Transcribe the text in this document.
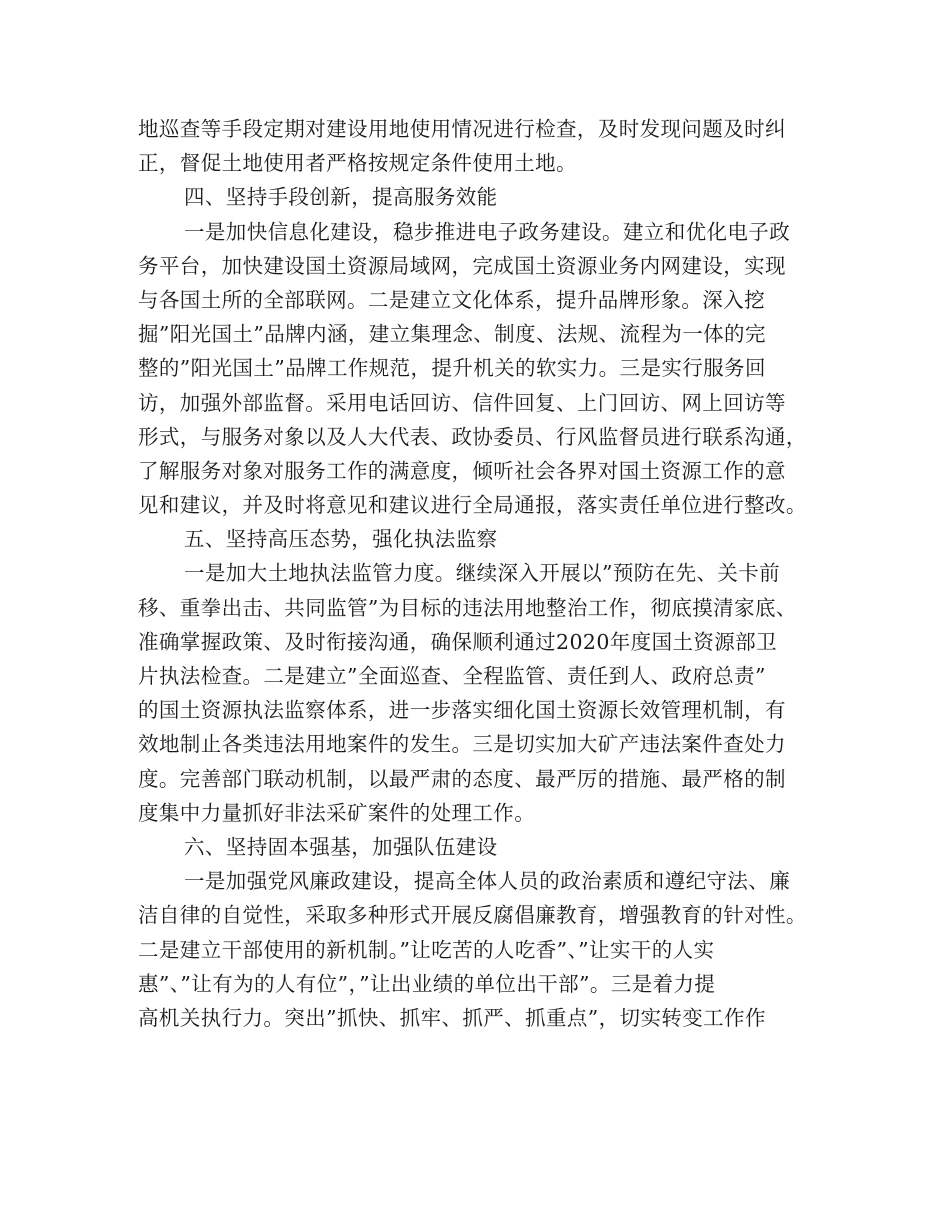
地巡查等手段定期对建设用地使用情况进行检查，及时发现问题及时纠
正，督促土地使用者严格按规定条件使用土地。
四、坚持手段创新，提高服务效能
一是加快信息化建设，稳步推进电子政务建设。建立和优化电子政
务平台，加快建设国土资源局域网，完成国土资源业务内网建设，实现
与各国土所的全部联网。二是建立文化体系，提升品牌形象。深入挖
掘”阳光国土”品牌内涵，建立集理念、制度、法规、流程为一体的完
整的”阳光国土”品牌工作规范，提升机关的软实力。三是实行服务回
访，加强外部监督。采用电话回访、信件回复、上门回访、网上回访等
形式，与服务对象以及人大代表、政协委员、行风监督员进行联系沟通，
了解服务对象对服务工作的满意度，倾听社会各界对国土资源工作的意
见和建议，并及时将意见和建议进行全局通报，落实责任单位进行整改。
五、坚持高压态势，强化执法监察
一是加大土地执法监管力度。继续深入开展以”预防在先、关卡前
移、重拳出击、共同监管”为目标的违法用地整治工作，彻底摸清家底、
准确掌握政策、及时衔接沟通，确保顺利通过2020年度国土资源部卫
片执法检查。二是建立”全面巡查、全程监管、责任到人、政府总责”
的国土资源执法监察体系，进一步落实细化国土资源长效管理机制，有
效地制止各类违法用地案件的发生。三是切实加大矿产违法案件查处力
度。完善部门联动机制，以最严肃的态度、最严厉的措施、最严格的制
度集中力量抓好非法采矿案件的处理工作。
六、坚持固本强基，加强队伍建设
一是加强党风廉政建设，提高全体人员的政治素质和遵纪守法、廉
洁自律的自觉性，采取多种形式开展反腐倡廉教育，增强教育的针对性。
二是建立干部使用的新机制。”让吃苦的人吃香”、”让实干的人实
惠”、”让有为的人有位”，”让出业绩的单位出干部”。三是着力提
高机关执行力。突出”抓快、抓牢、抓严、抓重点”，切实转变工作作
